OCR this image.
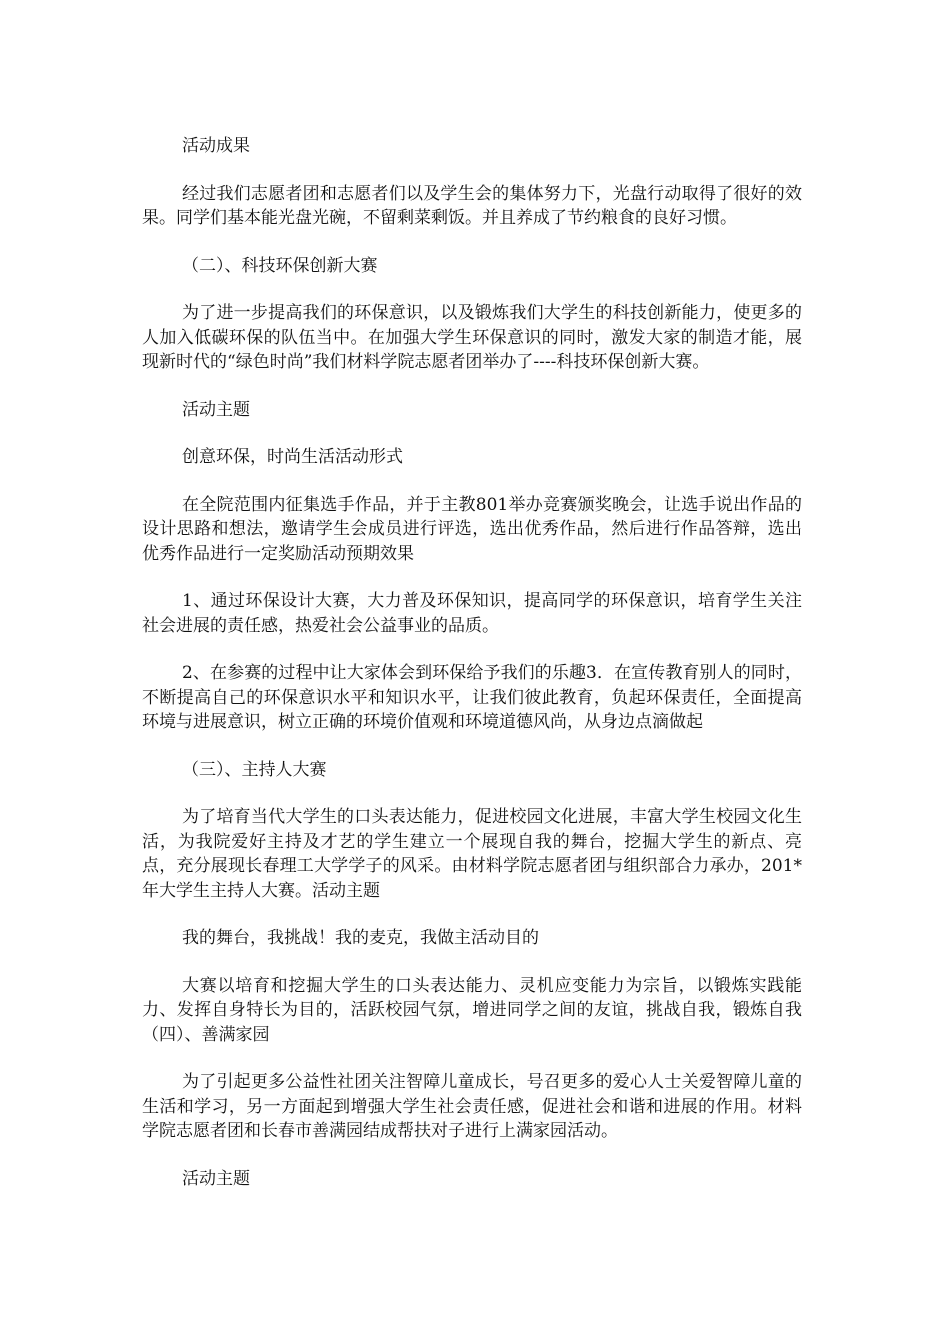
活动成果

经过我们志愿者团和志愿者们以及学生会的集体努力下，光盘行动取得了很好的效果。同学们基本能光盘光碗，不留剩菜剩饭。并且养成了节约粮食的良好习惯。

（二）、科技环保创新大赛

为了进一步提高我们的环保意识，以及锻炼我们大学生的科技创新能力，使更多的人加入低碳环保的队伍当中。在加强大学生环保意识的同时，激发大家的制造才能，展现新时代的“绿色时尚”我们材料学院志愿者团举办了----科技环保创新大赛。

活动主题

创意环保，时尚生活活动形式

在全院范围内征集选手作品，并于主教801举办竞赛颁奖晚会，让选手说出作品的设计思路和想法，邀请学生会成员进行评选，选出优秀作品，然后进行作品答辩，选出优秀作品进行一定奖励活动预期效果

1、通过环保设计大赛，大力普及环保知识，提高同学的环保意识，培育学生关注社会进展的责任感，热爱社会公益事业的品质。

2、在参赛的过程中让大家体会到环保给予我们的乐趣3．在宣传教育别人的同时，不断提高自己的环保意识水平和知识水平，让我们彼此教育，负起环保责任，全面提高环境与进展意识，树立正确的环境价值观和环境道德风尚，从身边点滴做起

（三）、主持人大赛

为了培育当代大学生的口头表达能力，促进校园文化进展，丰富大学生校园文化生活，为我院爱好主持及才艺的学生建立一个展现自我的舞台，挖掘大学生的新点、亮点，充分展现长春理工大学学子的风采。由材料学院志愿者团与组织部合力承办，201*年大学生主持人大赛。活动主题

我的舞台，我挑战！我的麦克，我做主活动目的

大赛以培育和挖掘大学生的口头表达能力、灵机应变能力为宗旨，以锻炼实践能力、发挥自身特长为目的，活跃校园气氛，增进同学之间的友谊，挑战自我，锻炼自我（四）、善满家园

为了引起更多公益性社团关注智障儿童成长，号召更多的爱心人士关爱智障儿童的生活和学习，另一方面起到增强大学生社会责任感，促进社会和谐和进展的作用。材料学院志愿者团和长春市善满园结成帮扶对子进行上满家园活动。

活动主题
